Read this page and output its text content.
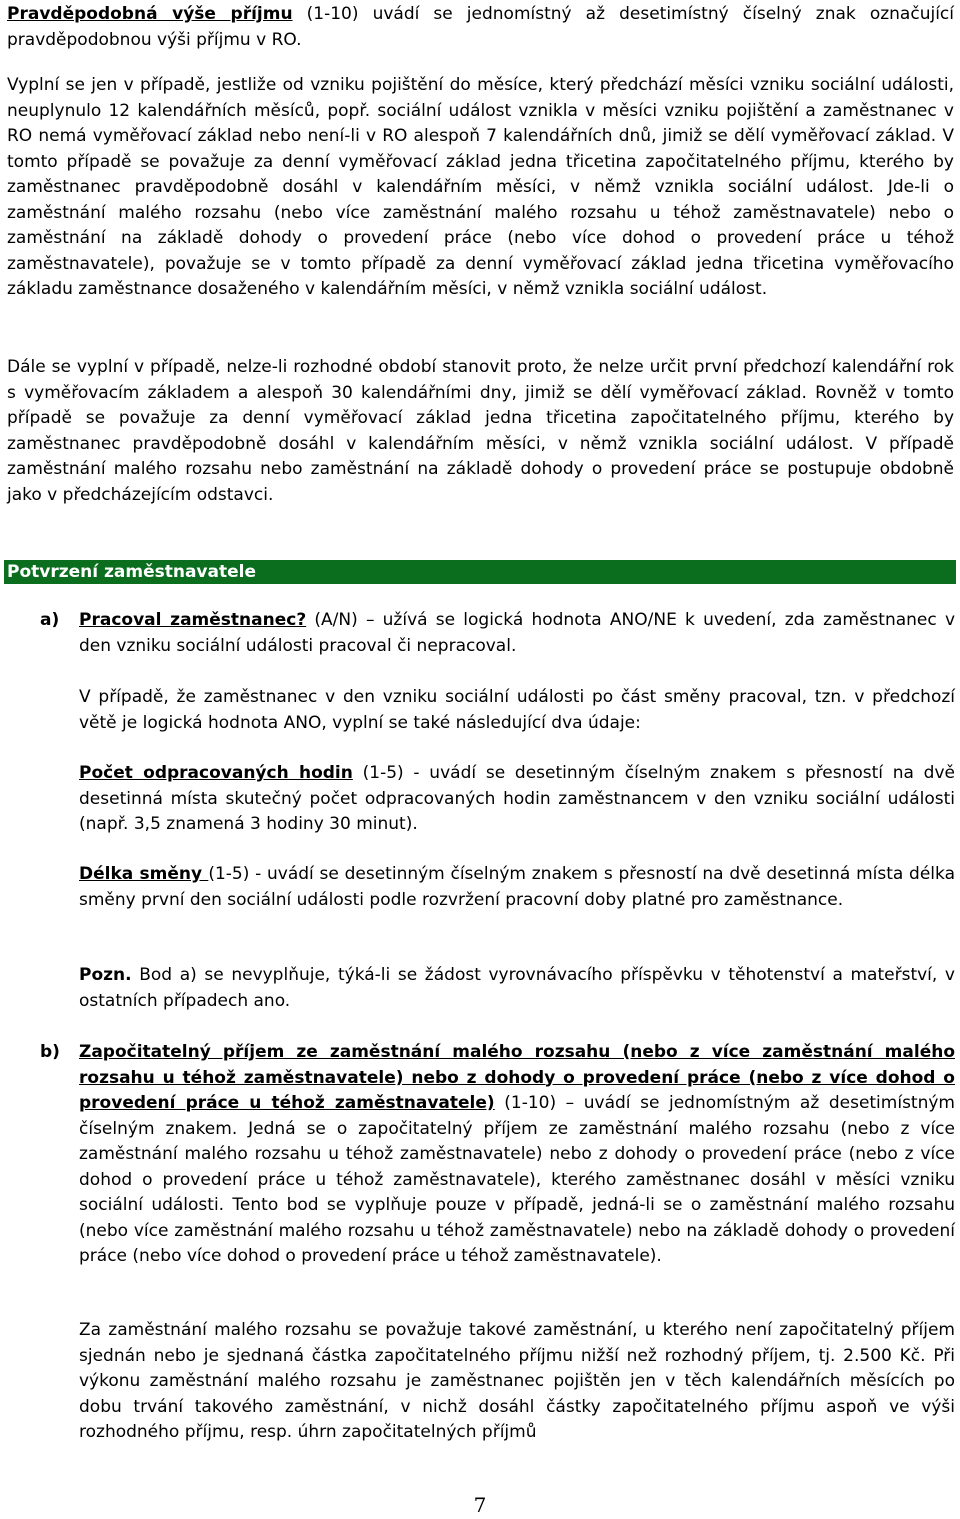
Pravděpodobná výše příjmu (1-10) uvádí se jednomístný až desetimístný číselný znak označující pravděpodobnou výši příjmu v RO.

Vyplní se jen v případě, jestliže od vzniku pojištění do měsíce, který předchází měsíci vzniku sociální události, neuplynulo 12 kalendářních měsíců, popř. sociální událost vznikla v měsíci vzniku pojištění a zaměstnanec v RO nemá vyměřovací základ nebo není-li v RO alespoň 7 kalendářních dnů, jimiž se dělí vyměřovací základ. V tomto případě se považuje za denní vyměřovací základ jedna třicetina započitatelného příjmu, kterého by zaměstnanec pravděpodobně dosáhl v kalendářním měsíci, v němž vznikla sociální událost. Jde-li o zaměstnání malého rozsahu (nebo více zaměstnání malého rozsahu u téhož zaměstnavatele) nebo o zaměstnání na základě dohody o provedení práce (nebo více dohod o provedení práce u téhož zaměstnavatele), považuje se v tomto případě za denní vyměřovací základ jedna třicetina vyměřovacího základu zaměstnance dosaženého v kalendářním měsíci, v němž vznikla sociální událost.

Dále se vyplní v případě, nelze-li rozhodné období stanovit proto, že nelze určit první předchozí kalendářní rok s vyměřovacím základem a alespoň 30 kalendářními dny, jimiž se dělí vyměřovací základ. Rovněž v tomto případě se považuje za denní vyměřovací základ jedna třicetina započitatelného příjmu, kterého by zaměstnanec pravděpodobně dosáhl v kalendářním měsíci, v němž vznikla sociální událost. V případě zaměstnání malého rozsahu nebo zaměstnání na základě dohody o provedení práce se postupuje obdobně jako v předcházejícím odstavci.

Potvrzení zaměstnavatele
a) Pracoval zaměstnanec? (A/N) – užívá se logická hodnota ANO/NE k uvedení, zda zaměstnanec v den vzniku sociální události pracoval či nepracoval.

V případě, že zaměstnanec v den vzniku sociální události po část směny pracoval, tzn. v předchozí větě je logická hodnota ANO, vyplní se také následující dva údaje:

Počet odpracovaných hodin (1-5) - uvádí se desetinným číselným znakem s přesností na dvě desetinná místa skutečný počet odpracovaných hodin zaměstnancem v den vzniku sociální události (např. 3,5 znamená 3 hodiny 30 minut).

Délka směny (1-5) - uvádí se desetinným číselným znakem s přesností na dvě desetinná místa délka směny první den sociální události podle rozvržení pracovní doby platné pro zaměstnance.

Pozn. Bod a) se nevyplňuje, týká-li se žádost vyrovnávacího příspěvku v těhotenství a mateřství, v ostatních případech ano.

b) Započitatelný příjem ze zaměstnání malého rozsahu (nebo z více zaměstnání malého rozsahu u téhož zaměstnavatele) nebo z dohody o provedení práce (nebo z více dohod o provedení práce u téhož zaměstnavatele) (1-10) – uvádí se jednomístným až desetimístným číselným znakem. Jedná se o započitatelný příjem ze zaměstnání malého rozsahu (nebo z více zaměstnání malého rozsahu u téhož zaměstnavatele) nebo z dohody o provedení práce (nebo z více dohod o provedení práce u téhož zaměstnavatele), kterého zaměstnanec dosáhl v měsíci vzniku sociální události. Tento bod se vyplňuje pouze v případě, jedná-li se o zaměstnání malého rozsahu (nebo více zaměstnání malého rozsahu u téhož zaměstnavatele) nebo na základě dohody o provedení práce (nebo více dohod o provedení práce u téhož zaměstnavatele).

Za zaměstnání malého rozsahu se považuje takové zaměstnání, u kterého není započitatelný příjem sjednán nebo je sjednaná částka započitatelného příjmu nižší než rozhodný příjem, tj. 2.500 Kč. Při výkonu zaměstnání malého rozsahu je zaměstnanec pojištěn jen v těch kalendářních měsících po dobu trvání takového zaměstnání, v nichž dosáhl částky započitatelného příjmu aspoň ve výši rozhodného příjmu, resp. úhrn započitatelných příjmů

7
